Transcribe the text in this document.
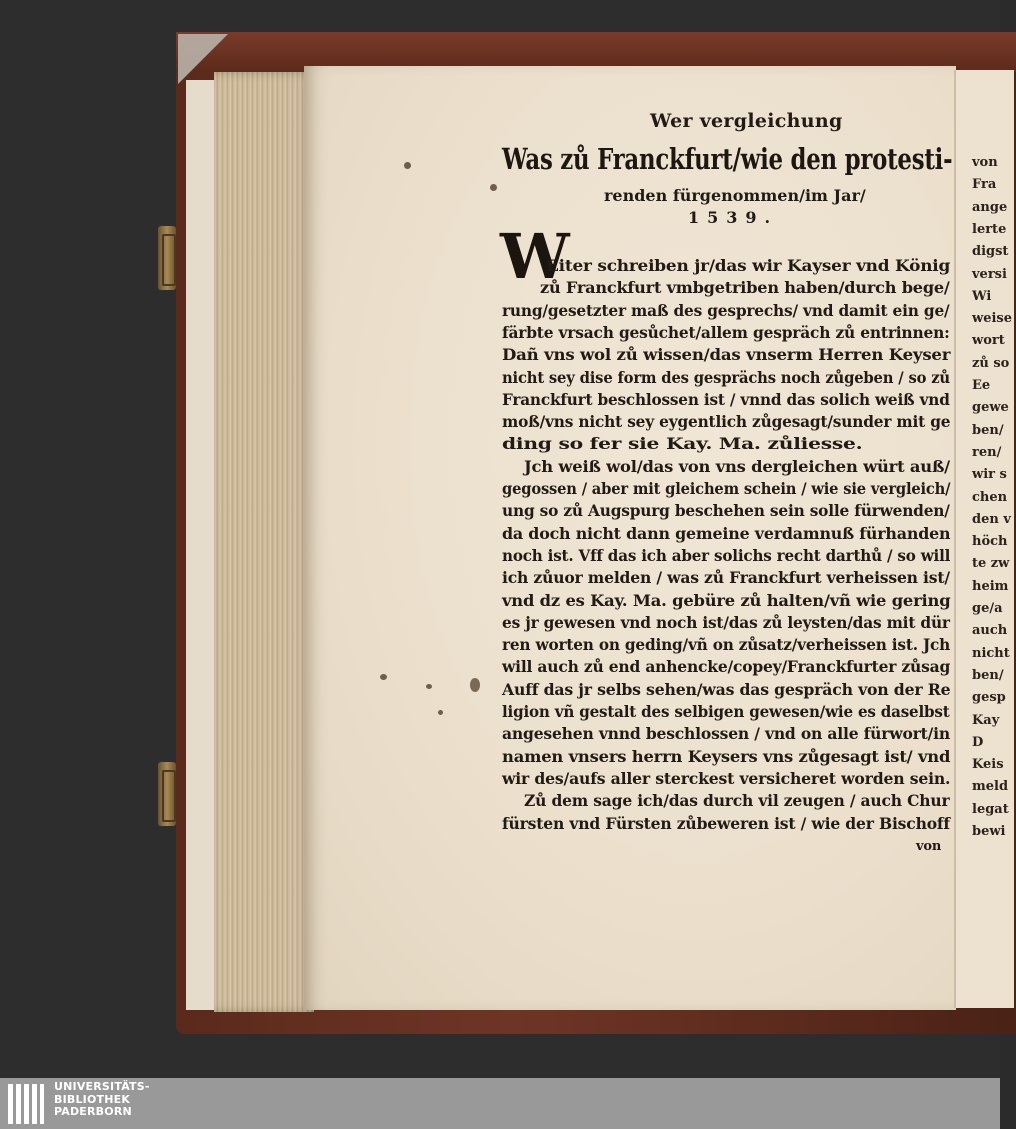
von
Fra
ange
lerte
digst
versi
Wi
weise
wort
zů so
Ee
gewe
ben/
ren/
wir s
chen
den v
höch
te zw
heim
ge/a
auch
nicht
ben/
gesp
Kay
D
Keis
meld
legat
bewi
Wer vergleichung
Was zů Franckfurt/wie den protesti-
renden fürgenommen/im Jar/
1539.
W
Eiter schreiben jr/das wir Kayser vnd König
zů Franckfurt vmbgetriben haben/durch bege/
rung/gesetzter maß des gesprechs/ vnd damit ein ge/
färbte vrsach gesůchet/allem gespräch zů entrinnen:
Dañ vns wol zů wissen/das vnserm Herren Keyser
nicht sey dise form des gesprächs noch zůgeben / so zů
Franckfurt beschlossen ist / vnnd das solich weiß vnd
moß/vns nicht sey eygentlich zůgesagt/sunder mit ge
ding so fer sie Kay. Ma. zůliesse.
Jch weiß wol/das von vns dergleichen würt auß/
gegossen / aber mit gleichem schein / wie sie vergleich/
ung so zů Augspurg beschehen sein solle fürwenden/
da doch nicht dann gemeine verdamnuß fürhanden
noch ist. Vff das ich aber solichs recht darthů / so will
ich zůuor melden / was zů Franckfurt verheissen ist/
vnd dz es Kay. Ma. gebüre zů halten/vñ wie gering
es jr gewesen vnd noch ist/das zů leysten/das mit dür
ren worten on geding/vñ on zůsatz/verheissen ist. Jch
will auch zů end anhencke/copey/Franckfurter zůsag
Auff das jr selbs sehen/was das gespräch von der Re
ligion vñ gestalt des selbigen gewesen/wie es daselbst
angesehen vnnd beschlossen / vnd on alle fürwort/in
namen vnsers herrn Keysers vns zůgesagt ist/ vnd
wir des/aufs aller sterckest versicheret worden sein.
Zů dem sage ich/das durch vil zeugen / auch Chur
fürsten vnd Fürsten zůbeweren ist / wie der Bischoff
von
UNIVERSITÄTS-
BIBLIOTHEK
PADERBORN
